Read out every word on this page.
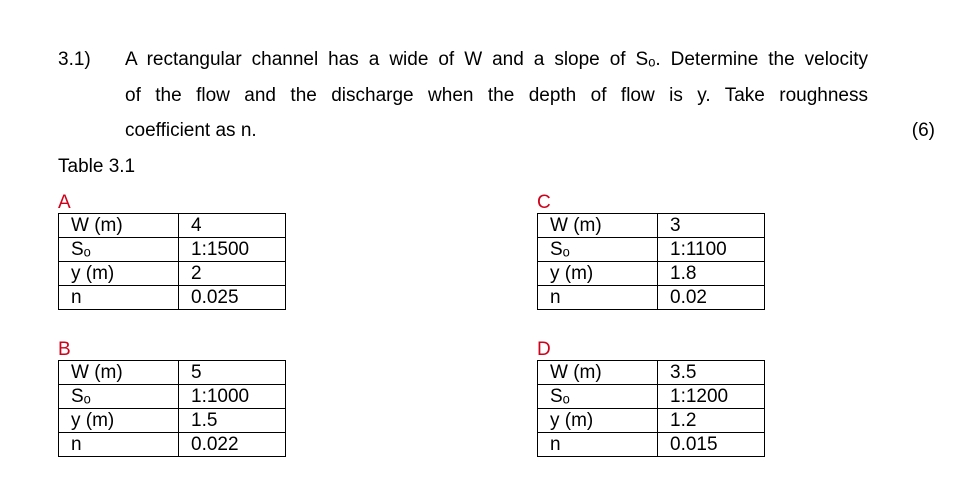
3.1) A rectangular channel has a wide of W and a slope of Sₒ. Determine the velocity
of the flow and the discharge when the depth of flow is y. Take roughness
coefficient as n.	(6)
Table 3.1
A
W (m)	4
Sₒ	1:1500
y (m)	2
n	0.025
B
W (m)	5
Sₒ	1:1000
y (m)	1.5
n	0.022
C
W (m)	3
Sₒ	1:1100
y (m)	1.8
n	0.02
D
W (m)	3.5
Sₒ	1:1200
y (m)	1.2
n	0.015
